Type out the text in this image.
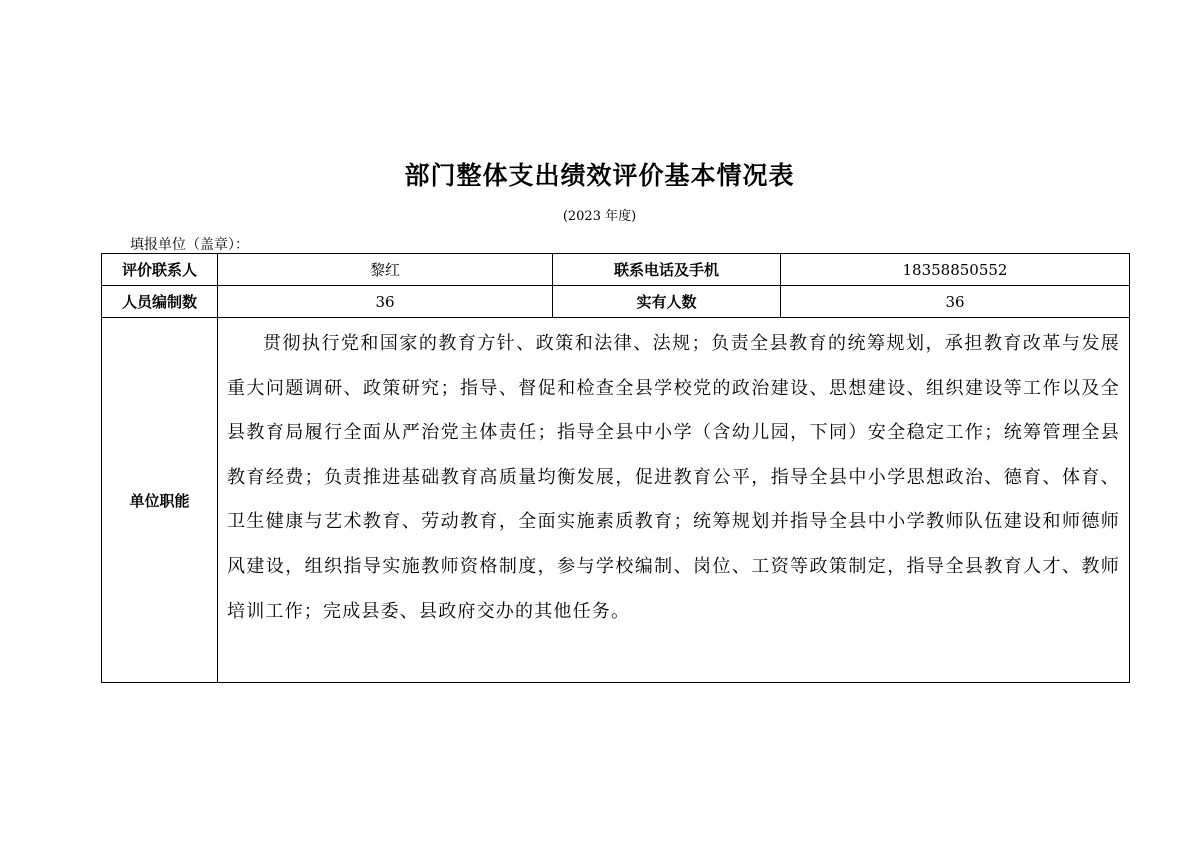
部门整体支出绩效评价基本情况表
(2023 年度)
填报单位（盖章）：
评价联系人	黎红	联系电话及手机	18358850552
人员编制数	36	实有人数	36
单位职能	贯彻执行党和国家的教育方针、政策和法律、法规；负责全县教育的统筹规划，承担教育改革与发展重大问题调研、政策研究；指导、督促和检查全县学校党的政治建设、思想建设、组织建设等工作以及全县教育局履行全面从严治党主体责任；指导全县中小学（含幼儿园，下同）安全稳定工作；统筹管理全县教育经费；负责推进基础教育高质量均衡发展，促进教育公平，指导全县中小学思想政治、德育、体育、卫生健康与艺术教育、劳动教育，全面实施素质教育；统筹规划并指导全县中小学教师队伍建设和师德师风建设，组织指导实施教师资格制度，参与学校编制、岗位、工资等政策制定，指导全县教育人才、教师培训工作；完成县委、县政府交办的其他任务。		
